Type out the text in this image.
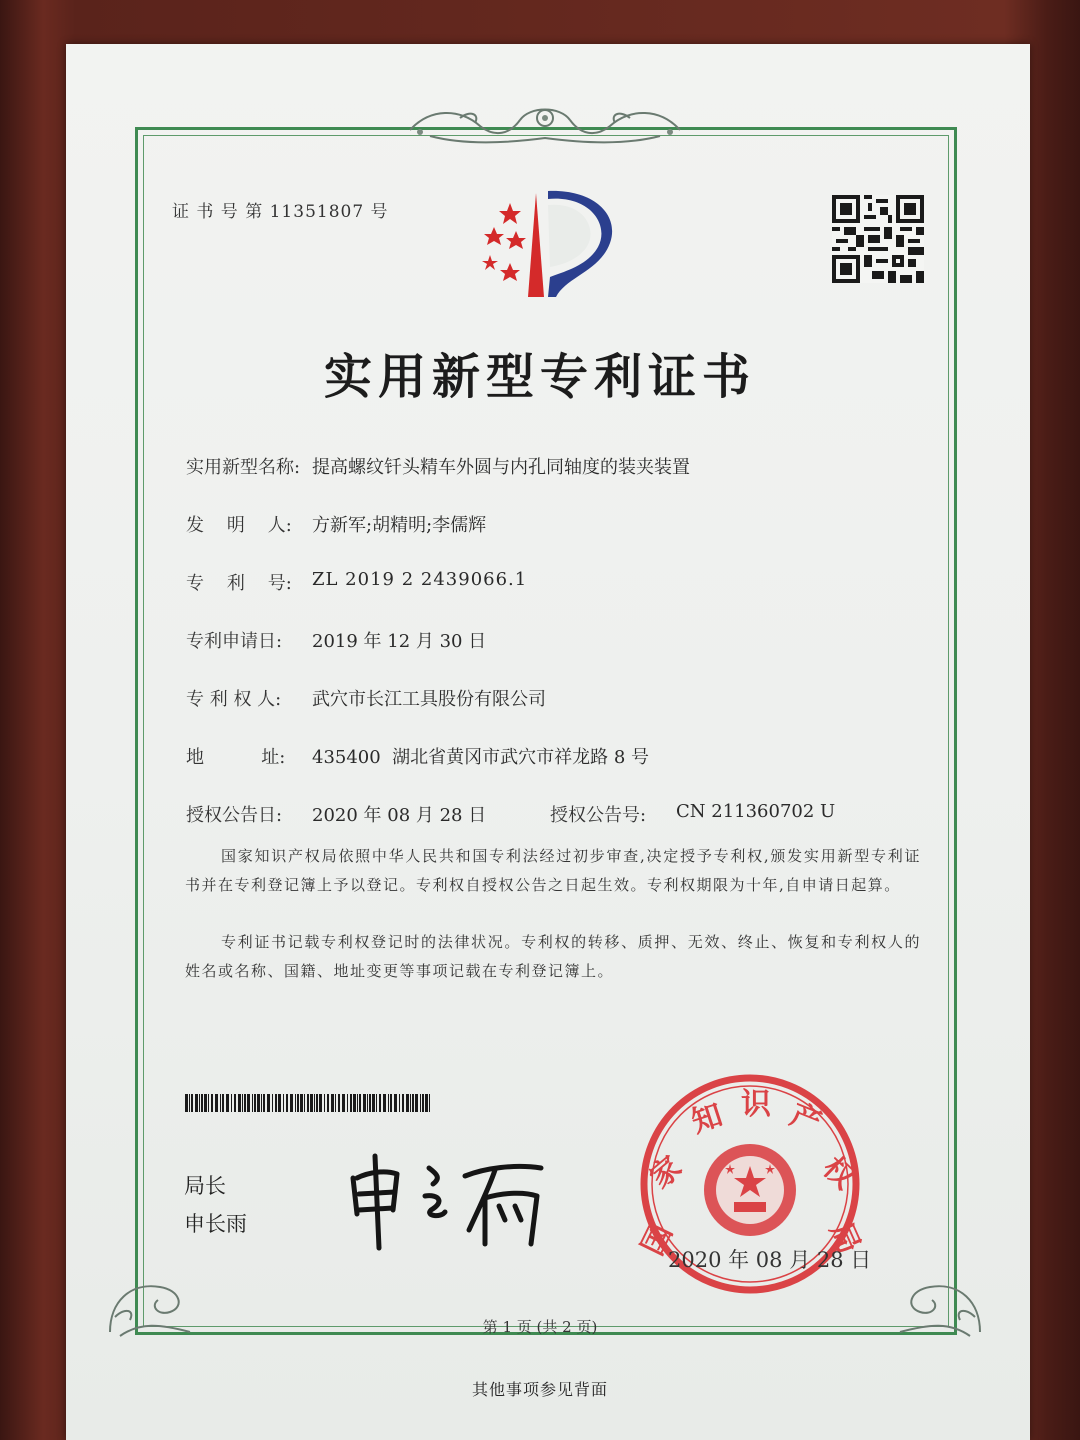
证 书 号 第 11351807 号
实用新型专利证书
实用新型名称: 提高螺纹钎头精车外圆与内孔同轴度的装夹装置
发    明    人: 方新军;胡精明;李儒辉
专    利    号: ZL 2019 2 2439066.1
专利申请日: 2019 年 12 月 30 日
专 利 权 人: 武穴市长江工具股份有限公司
地          址: 435400  湖北省黄冈市武穴市祥龙路 8 号
授权公告日: 2020 年 08 月 28 日	授权公告号: CN 211360702 U
国家知识产权局依照中华人民共和国专利法经过初步审查,决定授予专利权,颁发实用新型专利证书并在专利登记簿上予以登记。专利权自授权公告之日起生效。专利权期限为十年,自申请日起算。
专利证书记载专利权登记时的法律状况。专利权的转移、质押、无效、终止、恢复和专利权人的姓名或名称、国籍、地址变更等事项记载在专利登记簿上。
局长
申长雨	国
家
知 识 产
权
局
2020 年 08 月 28 日
第 1 页 (共 2 页)
其他事项参见背面
